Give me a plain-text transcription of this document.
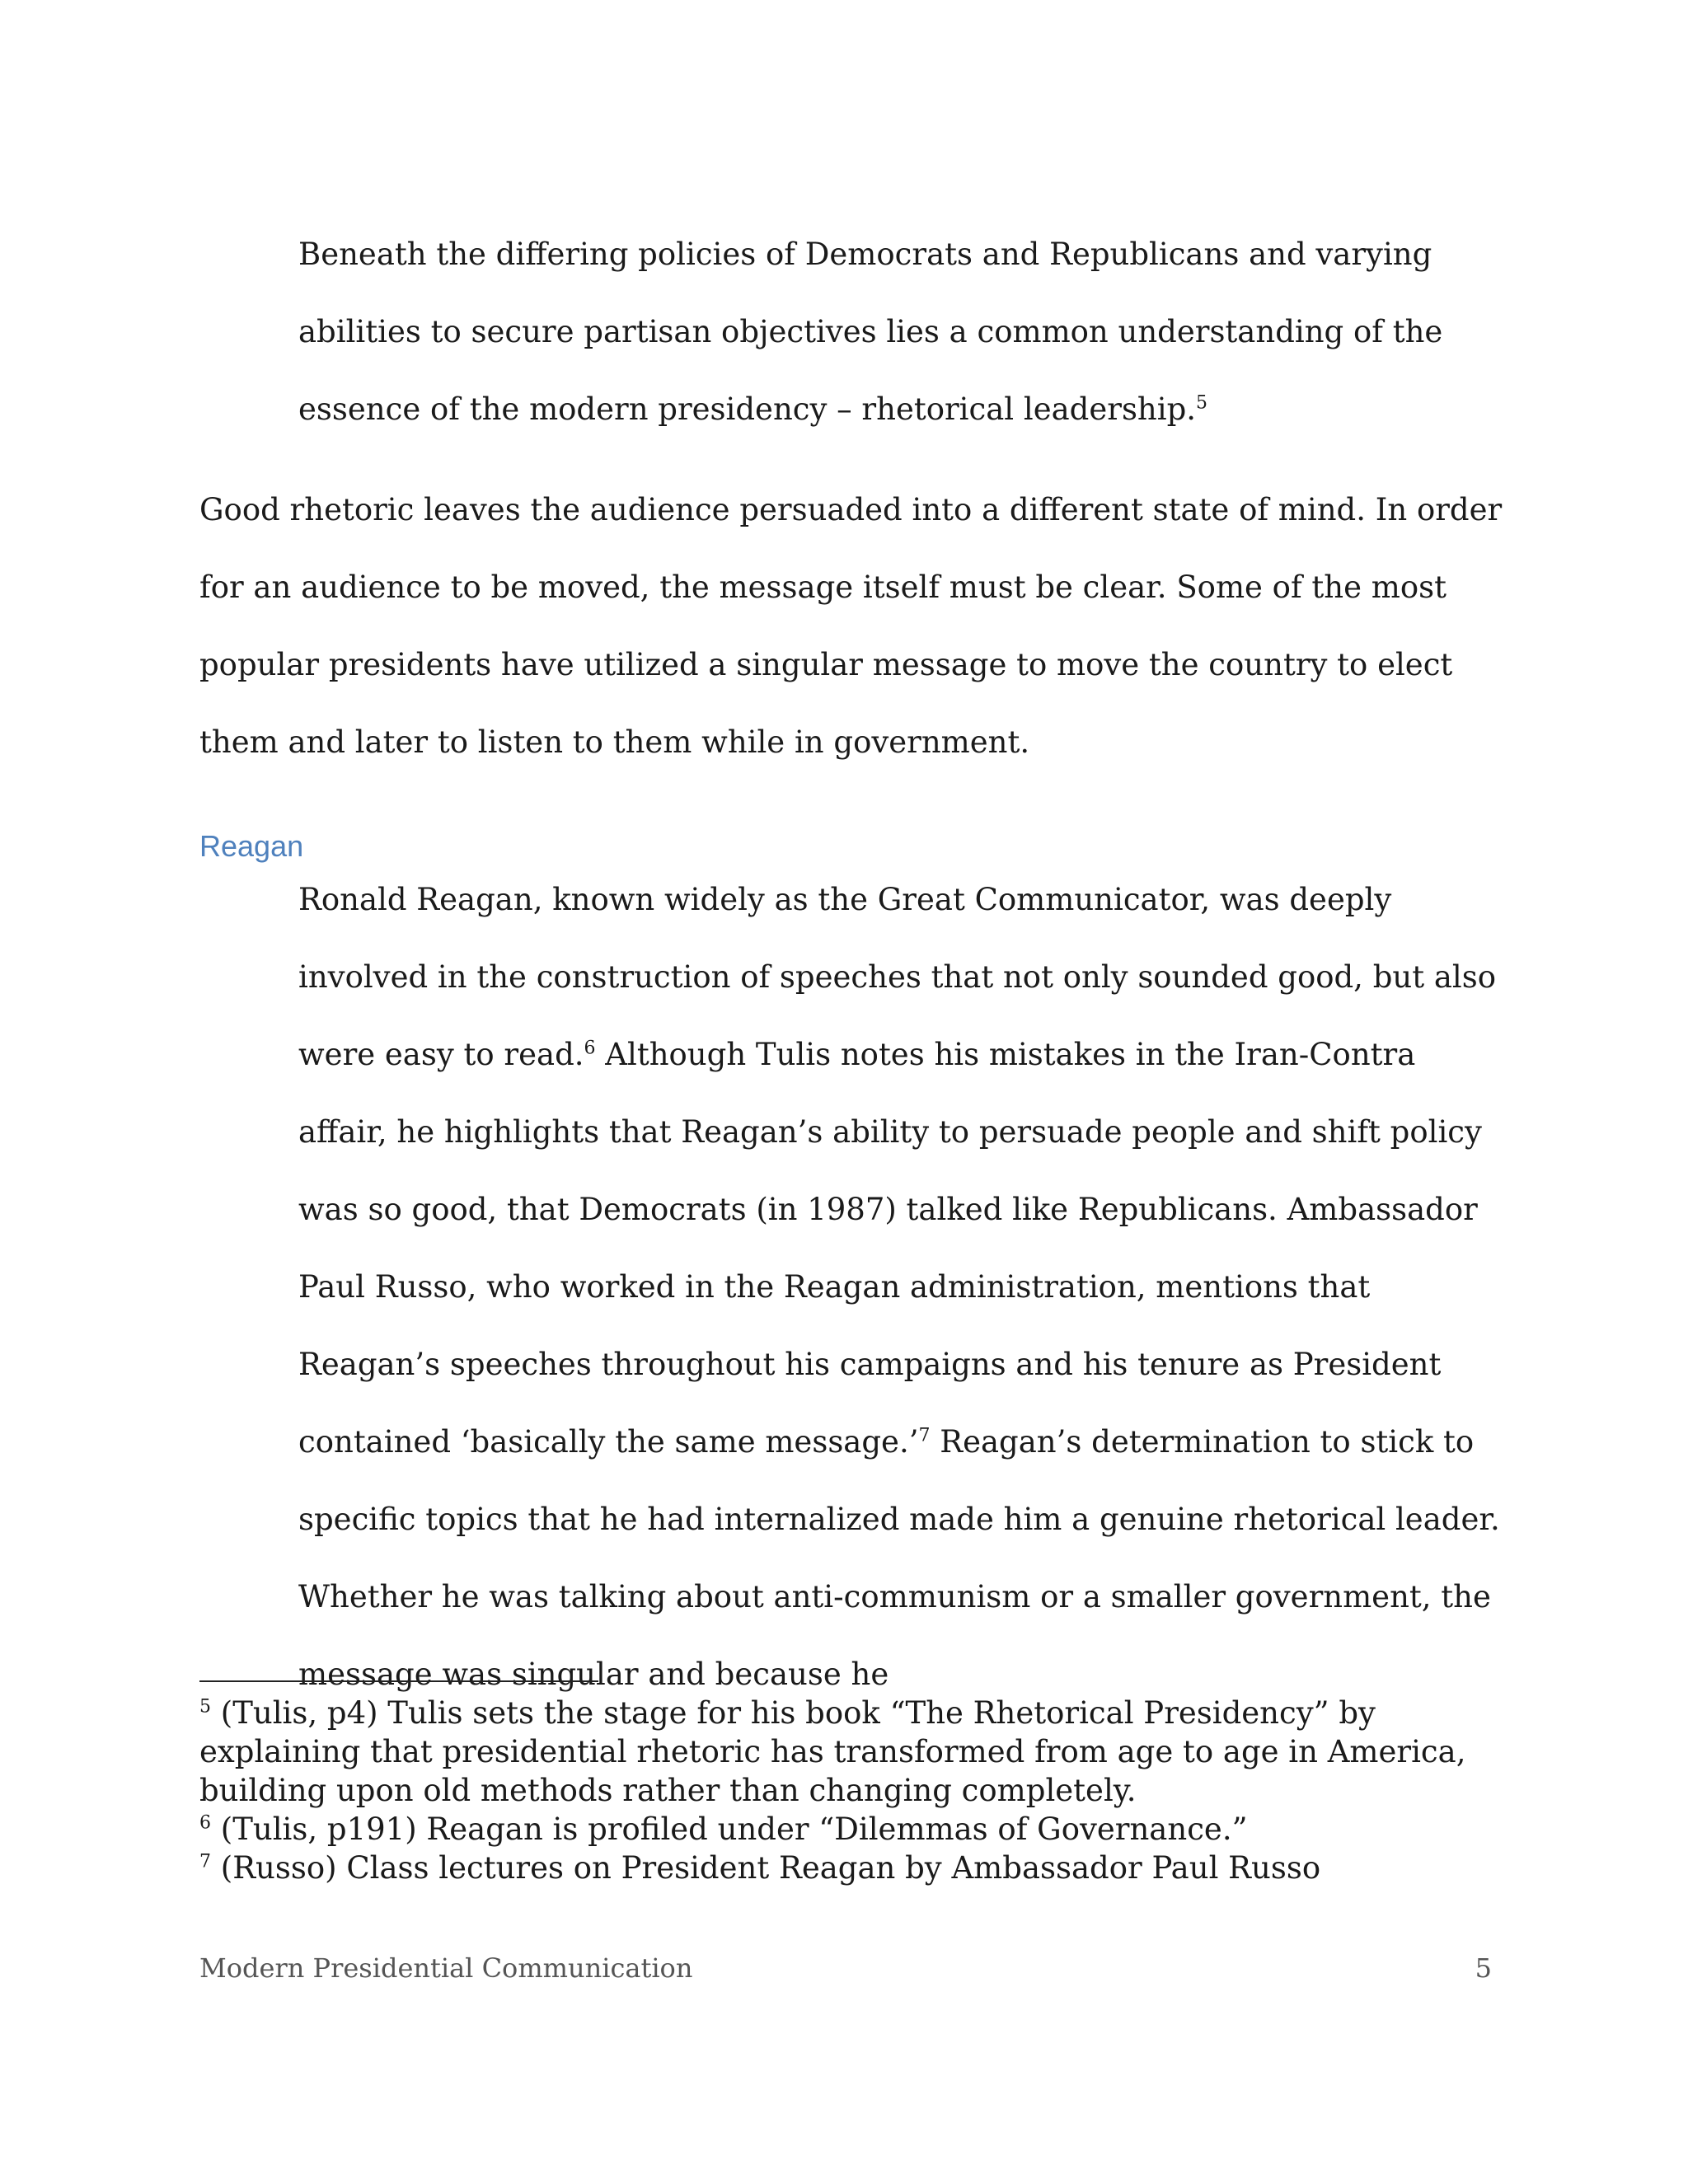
Beneath the differing policies of Democrats and Republicans and varying abilities to secure partisan objectives lies a common understanding of the essence of the modern presidency – rhetorical leadership.$^5$

Good rhetoric leaves the audience persuaded into a different state of mind. In order for an audience to be moved, the message itself must be clear. Some of the most popular presidents have utilized a singular message to move the country to elect them and later to listen to them while in government.

Reagan

Ronald Reagan, known widely as the Great Communicator, was deeply involved in the construction of speeches that not only sounded good, but also were easy to read.$^6$ Although Tulis notes his mistakes in the Iran-Contra affair, he highlights that Reagan’s ability to persuade people and shift policy was so good, that Democrats (in 1987) talked like Republicans. Ambassador Paul Russo, who worked in the Reagan administration, mentions that Reagan’s speeches throughout his campaigns and his tenure as President contained ‘basically the same message.’$^7$ Reagan’s determination to stick to specific topics that he had internalized made him a genuine rhetorical leader. Whether he was talking about anti-communism or a smaller government, the message was singular and because he

$^5$ (Tulis, p4) Tulis sets the stage for his book “The Rhetorical Presidency” by explaining that presidential rhetoric has transformed from age to age in America, building upon old methods rather than changing completely.

$^6$ (Tulis, p191) Reagan is profiled under “Dilemmas of Governance.”

$^7$ (Russo) Class lectures on President Reagan by Ambassador Paul Russo

Modern Presidential Communication	5
